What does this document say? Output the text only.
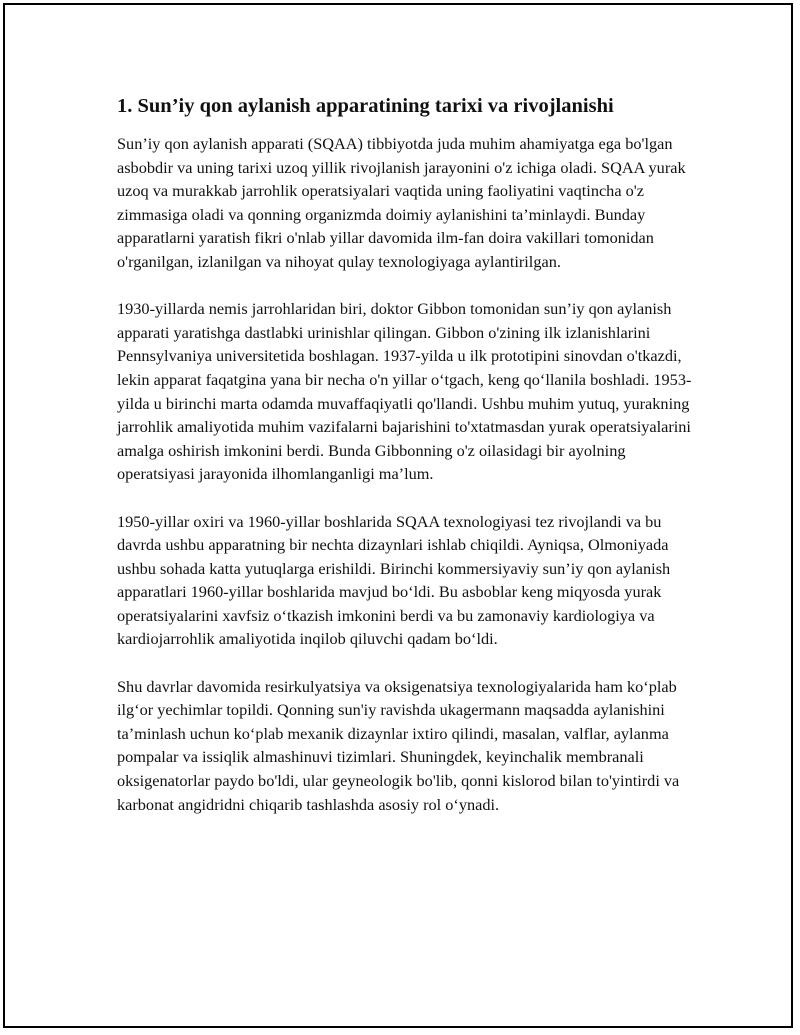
1. Sun’iy qon aylanish apparatining tarixi va rivojlanishi

Sun’iy qon aylanish apparati (SQAA) tibbiyotda juda muhim ahamiyatga ega bo'lgan asbobdir va uning tarixi uzoq yillik rivojlanish jarayonini o'z ichiga oladi. SQAA yurak uzoq va murakkab jarrohlik operatsiyalari vaqtida uning faoliyatini vaqtincha o'z zimmasiga oladi va qonning organizmda doimiy aylanishini ta’minlaydi. Bunday apparatlarni yaratish fikri o'nlab yillar davomida ilm-fan doira vakillari tomonidan o'rganilgan, izlanilgan va nihoyat qulay texnologiyaga aylantirilgan.

1930-yillarda nemis jarrohlaridan biri, doktor Gibbon tomonidan sun’iy qon aylanish apparati yaratishga dastlabki urinishlar qilingan. Gibbon o'zining ilk izlanishlarini Pennsylvaniya universitetida boshlagan. 1937-yilda u ilk prototipini sinovdan o'tkazdi, lekin apparat faqatgina yana bir necha o'n yillar o‘tgach, keng qo‘llanila boshladi. 1953-yilda u birinchi marta odamda muvaffaqiyatli qo'llandi. Ushbu muhim yutuq, yurakning jarrohlik amaliyotida muhim vazifalarni bajarishini to'xtatmasdan yurak operatsiyalarini amalga oshirish imkonini berdi. Bunda Gibbonning o'z oilasidagi bir ayolning operatsiyasi jarayonida ilhomlanganligi ma’lum.

1950-yillar oxiri va 1960-yillar boshlarida SQAA texnologiyasi tez rivojlandi va bu davrda ushbu apparatning bir nechta dizaynlari ishlab chiqildi. Ayniqsa, Olmoniyada ushbu sohada katta yutuqlarga erishildi. Birinchi kommersiyaviy sun’iy qon aylanish apparatlari 1960-yillar boshlarida mavjud bo‘ldi. Bu asboblar keng miqyosda yurak operatsiyalarini xavfsiz o‘tkazish imkonini berdi va bu zamonaviy kardiologiya va kardiojarrohlik amaliyotida inqilob qiluvchi qadam bo‘ldi.

Shu davrlar davomida resirkulyatsiya va oksigenatsiya texnologiyalarida ham ko‘plab ilg‘or yechimlar topildi. Qonning sun'iy ravishda ukagermann maqsadda aylanishini ta’minlash uchun ko‘plab mexanik dizaynlar ixtiro qilindi, masalan, valflar, aylanma pompalar va issiqlik almashinuvi tizimlari. Shuningdek, keyinchalik membranali oksigenatorlar paydo bo'ldi, ular geyneologik bo'lib, qonni kislorod bilan to'yintirdi va karbonat angidridni chiqarib tashlashda asosiy rol o‘ynadi.
